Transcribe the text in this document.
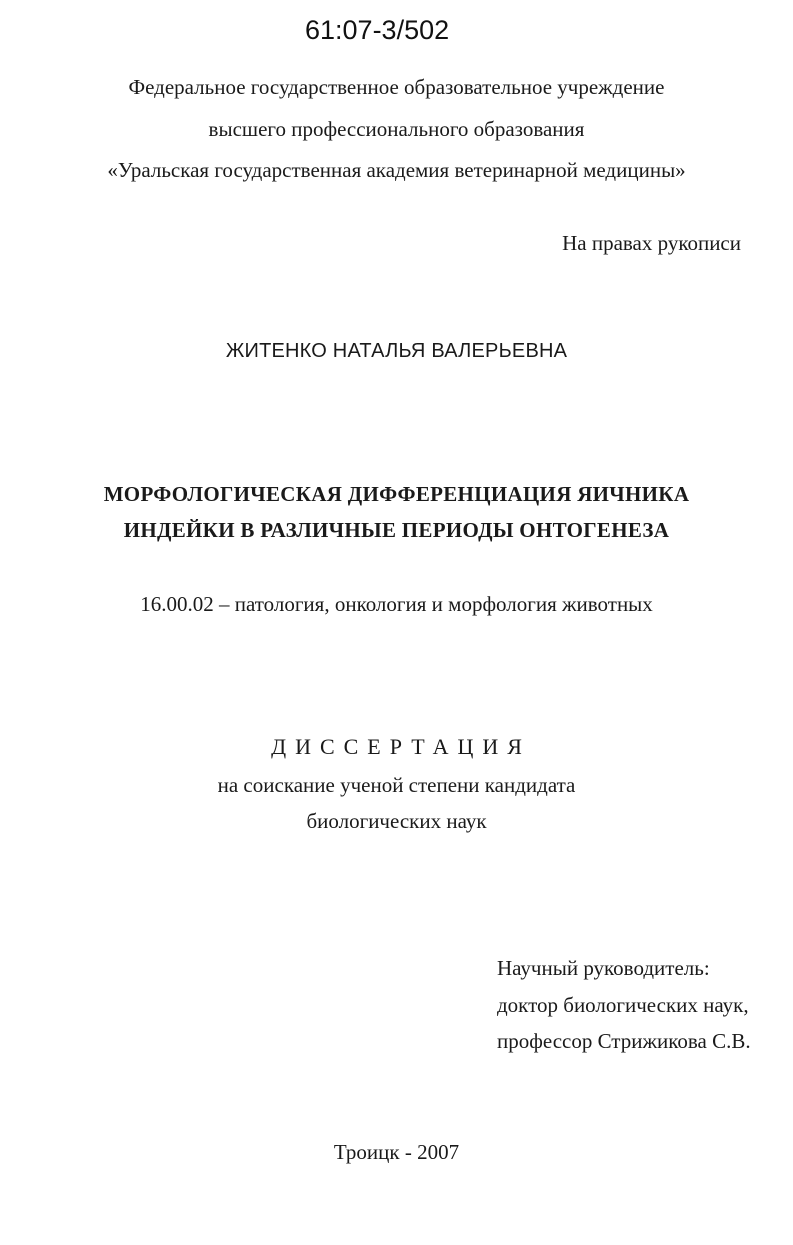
61:07-3/502
Федеральное государственное образовательное учреждение
высшего профессионального образования
«Уральская государственная академия ветеринарной медицины»
На правах рукописи
ЖИТЕНКО НАТАЛЬЯ ВАЛЕРЬЕВНА
МОРФОЛОГИЧЕСКАЯ ДИФФЕРЕНЦИАЦИЯ ЯИЧНИКА
ИНДЕЙКИ В РАЗЛИЧНЫЕ ПЕРИОДЫ ОНТОГЕНЕЗА
16.00.02 – патология, онкология и морфология животных
ДИССЕРТАЦИЯ
на соискание ученой степени кандидата
биологических наук
Научный руководитель:
доктор биологических наук,
профессор Стрижикова С.В.
Троицк - 2007
